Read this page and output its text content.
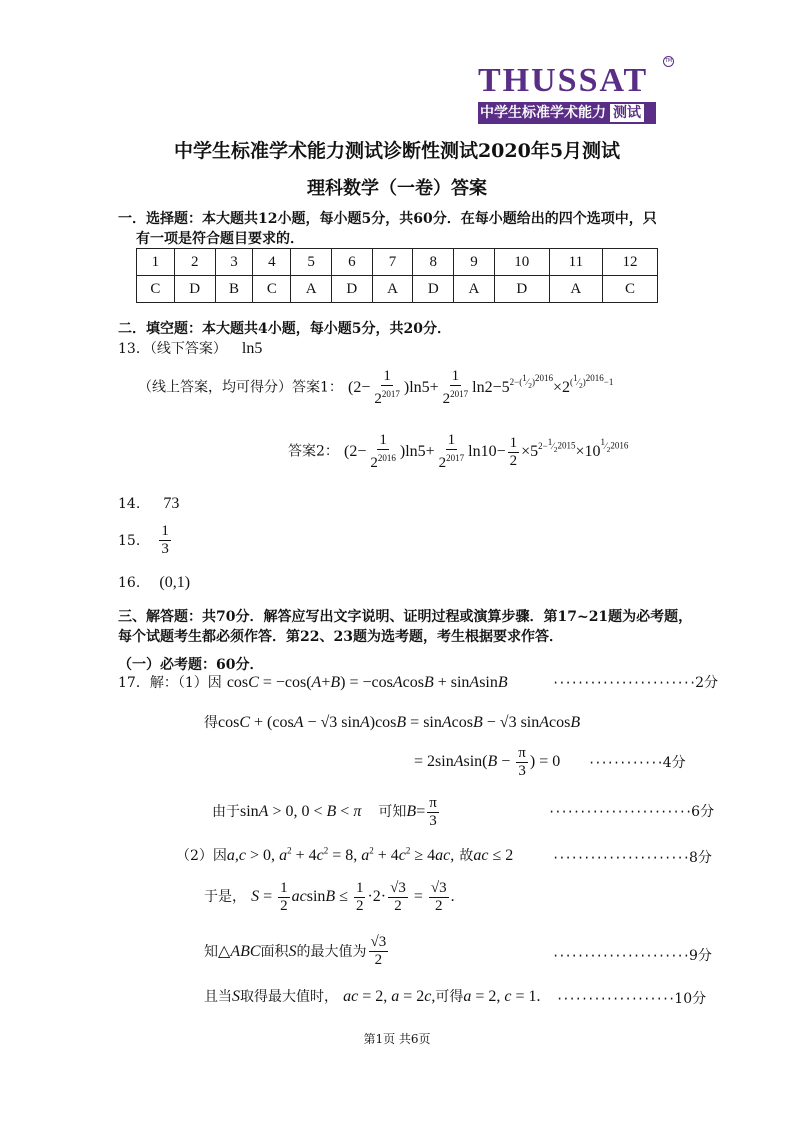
THUSSAT
TM
中学生标准学术能力 测试
中学生标准学术能力测试诊断性测试2020年5月测试
理科数学（一卷）答案
一．选择题：本大题共12小题，每小题5分，共60分．在每小题给出的四个选项中，只
有一项是符合题目要求的．
1	2	3	4	5	6	7	8	9	10	11	12
C	D	B	C	A	D	A	D	A	D	A	C
二．填空题：本大题共4小题，每小题5分，共20分．
13．（线下答案） ln5
（线上答案，均可得分）答案1： $(2- \frac{1}{2^{2017}} )\ln 5+ \frac{1}{2^{2017}} \ln 2-5^{2-(^1⁄_2)^{2016}}\times 2^{(^1⁄_2)^{2016}-1}$
答案2： $(2- \frac{1}{2^{2016}} )\ln 5+ \frac{1}{2^{2017}} \ln 10- \frac{1}{2} \times 5^{2-^1⁄_{2^{2015}}}\times 10^{^1⁄_{2^{2016}}}$
14. 73
15. $\frac{1}{3}$
16. (0,1)
三、解答题：共70分．解答应写出文字说明、证明过程或演算步骤．第17~21题为必考题，
每个试题考生都必须作答．第22、23题为选考题，考生根据要求作答．
（一）必考题：60分．
17．解：（1）因 cosC = −cos(A+B) = −cosAcosB + sinAsinB	·······················2分
得cosC + (cosA − √3 sinA)cosB = sinAcosB − √3 sinAcosB
= 2sinAsin(B − $\frac{\pi}{3}$ ) = 0 ············4分
由于sinA > 0, 0 < B < π 可知$B= \frac{\pi}{3}$	·······················6分
（2）因a,c > 0, $a^2 + 4c^2 = 8$, $a^2 + 4c^2 \ge 4ac$, 故ac ≤ 2	······················8分
于是， $S = \frac{1}{2}$ $acsinB \le \frac{1}{2} \cdot 2\cdot \frac{√3}{2} = \frac{√3}{2}$ .
知△ABC面积S的最大值为 $\frac{√3}{2}$	······················9分
且当S取得最大值时， ac = 2, a = 2c,可得a = 2, c = 1. ···················10分
第1页 共6页
